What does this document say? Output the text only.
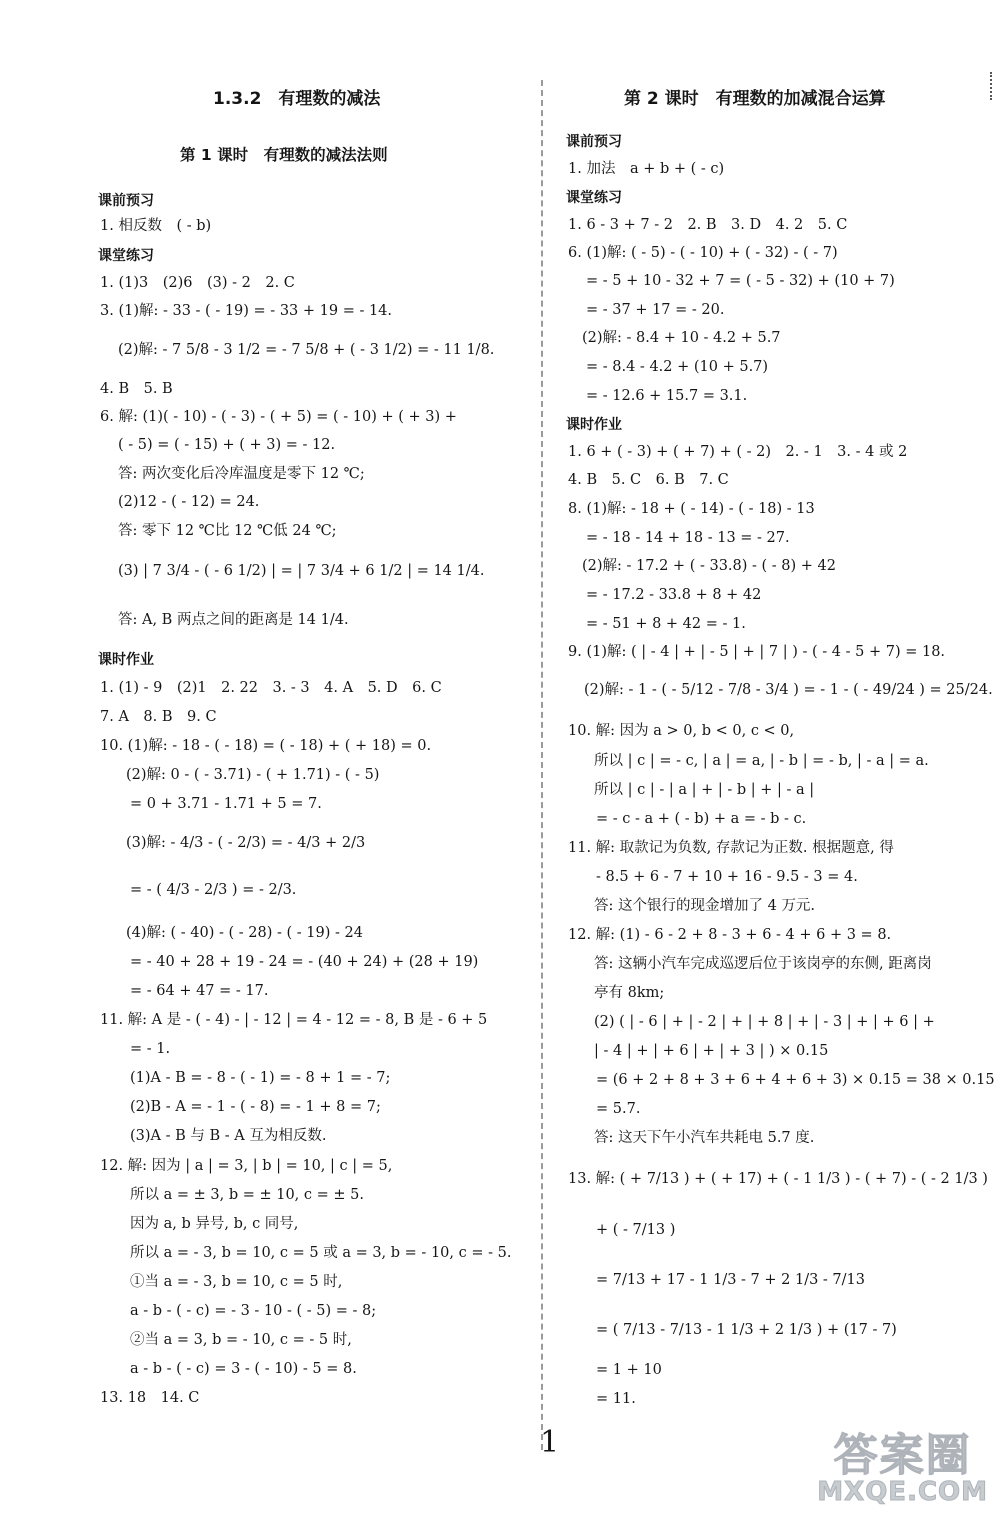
1.3.2　有理数的减法
第 1 课时　有理数的减法法则
课前预习
1. 相反数　( - b)
课堂练习
1. (1)3　(2)6　(3) - 2　2. C
3. (1)解: - 33 - ( - 19) = - 33 + 19 = - 14.
(2)解: - 7 5/8 - 3 1/2 = - 7 5/8 + ( - 3 1/2) = - 11 1/8.
4. B　5. B
6. 解: (1)( - 10) - ( - 3) - ( + 5) = ( - 10) + ( + 3) +
( - 5) = ( - 15) + ( + 3) = - 12.
答: 两次变化后冷库温度是零下 12 ℃;
(2)12 - ( - 12) = 24.
答: 零下 12 ℃比 12 ℃低 24 ℃;
(3) | 7 3/4 - ( - 6 1/2) | = | 7 3/4 + 6 1/2 | = 14 1/4.
答: A, B 两点之间的距离是 14 1/4.
课时作业
1. (1) - 9　(2)1　2. 22　3. - 3　4. A　5. D　6. C
7. A　8. B　9. C
10. (1)解: - 18 - ( - 18) = ( - 18) + ( + 18) = 0.
(2)解: 0 - ( - 3.71) - ( + 1.71) - ( - 5)
= 0 + 3.71 - 1.71 + 5 = 7.
(3)解: - 4/3 - ( - 2/3) = - 4/3 + 2/3
= - ( 4/3 - 2/3 ) = - 2/3.
(4)解: ( - 40) - ( - 28) - ( - 19) - 24
= - 40 + 28 + 19 - 24 = - (40 + 24) + (28 + 19)
= - 64 + 47 = - 17.
11. 解: A 是 - ( - 4) - | - 12 | = 4 - 12 = - 8, B 是 - 6 + 5
= - 1.
(1)A - B = - 8 - ( - 1) = - 8 + 1 = - 7;
(2)B - A = - 1 - ( - 8) = - 1 + 8 = 7;
(3)A - B 与 B - A 互为相反数.
12. 解: 因为 | a | = 3, | b | = 10, | c | = 5,
所以 a = ± 3, b = ± 10, c = ± 5.
因为 a, b 异号, b, c 同号,
所以 a = - 3, b = 10, c = 5 或 a = 3, b = - 10, c = - 5.
①当 a = - 3, b = 10, c = 5 时,
a - b - ( - c) = - 3 - 10 - ( - 5) = - 8;
②当 a = 3, b = - 10, c = - 5 时,
a - b - ( - c) = 3 - ( - 10) - 5 = 8.
13. 18　14. C
第 2 课时　有理数的加减混合运算
课前预习
1. 加法　a + b + ( - c)
课堂练习
1. 6 - 3 + 7 - 2　2. B　3. D　4. 2　5. C
6. (1)解: ( - 5) - ( - 10) + ( - 32) - ( - 7)
= - 5 + 10 - 32 + 7 = ( - 5 - 32) + (10 + 7)
= - 37 + 17 = - 20.
(2)解: - 8.4 + 10 - 4.2 + 5.7
= - 8.4 - 4.2 + (10 + 5.7)
= - 12.6 + 15.7 = 3.1.
课时作业
1. 6 + ( - 3) + ( + 7) + ( - 2)　2. - 1　3. - 4 或 2
4. B　5. C　6. B　7. C
8. (1)解: - 18 + ( - 14) - ( - 18) - 13
= - 18 - 14 + 18 - 13 = - 27.
(2)解: - 17.2 + ( - 33.8) - ( - 8) + 42
= - 17.2 - 33.8 + 8 + 42
= - 51 + 8 + 42 = - 1.
9. (1)解: ( | - 4 | + | - 5 | + | 7 | ) - ( - 4 - 5 + 7) = 18.
(2)解: - 1 - ( - 5/12 - 7/8 - 3/4 ) = - 1 - ( - 49/24 ) = 25/24.
10. 解: 因为 a > 0, b < 0, c < 0,
所以 | c | = - c, | a | = a, | - b | = - b, | - a | = a.
所以 | c | - | a | + | - b | + | - a |
= - c - a + ( - b) + a = - b - c.
11. 解: 取款记为负数, 存款记为正数. 根据题意, 得
- 8.5 + 6 - 7 + 10 + 16 - 9.5 - 3 = 4.
答: 这个银行的现金增加了 4 万元.
12. 解: (1) - 6 - 2 + 8 - 3 + 6 - 4 + 6 + 3 = 8.
答: 这辆小汽车完成巡逻后位于该岗亭的东侧, 距离岗
亭有 8km;
(2) ( | - 6 | + | - 2 | + | + 8 | + | - 3 | + | + 6 | +
| - 4 | + | + 6 | + | + 3 | ) × 0.15
= (6 + 2 + 8 + 3 + 6 + 4 + 6 + 3) × 0.15 = 38 × 0.15
= 5.7.
答: 这天下午小汽车共耗电 5.7 度.
13. 解: ( + 7/13 ) + ( + 17) + ( - 1 1/3 ) - ( + 7) - ( - 2 1/3 )
+ ( - 7/13 )
= 7/13 + 17 - 1 1/3 - 7 + 2 1/3 - 7/13
= ( 7/13 - 7/13 - 1 1/3 + 2 1/3 ) + (17 - 7)
= 1 + 10
= 11.
1	答案圈
MXQE.COM
